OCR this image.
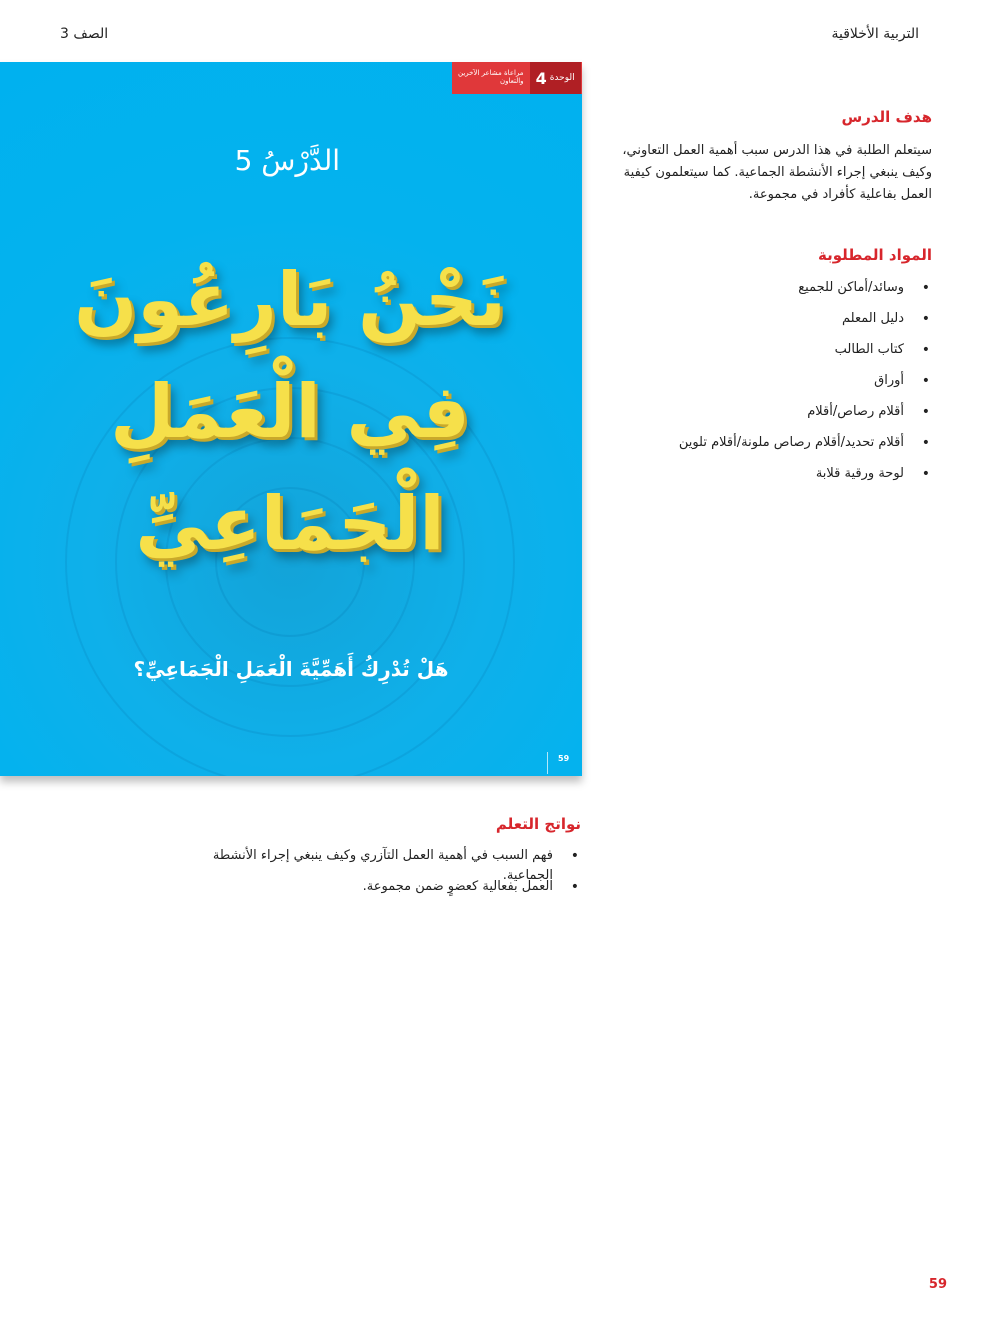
التربية الأخلاقية
الصف 3
الوحدة
4
مراعاة مشاعر الآخرين
والتعاون
الدَّرْسُ 5
نَحْنُ بَارِعُونَ
فِي الْعَمَلِ
الْجَمَاعِيِّ
هَلْ تُدْرِكُ أَهَمِّيَّةَ الْعَمَلِ الْجَمَاعِيِّ؟
59
هدف الدرس
سيتعلم الطلبة في هذا الدرس سبب أهمية العمل التعاوني، وكيف ينبغي إجراء الأنشطة الجماعية. كما سيتعلمون كيفية العمل بفاعلية كأفراد في مجموعة.
المواد المطلوبة
•
وسائد/أماكن للجميع
•
دليل المعلم
•
كتاب الطالب
•
أوراق
•
أقلام رصاص/أقلام
•
أقلام تحديد/أقلام رصاص ملونة/أقلام تلوين
•
لوحة ورقية قلابة
نواتج التعلم
•
فهم السبب في أهمية العمل التآزري وكيف ينبغي إجراء الأنشطة الجماعية.
•
العمل بفعالية كعضوٍ ضمن مجموعة.
59
